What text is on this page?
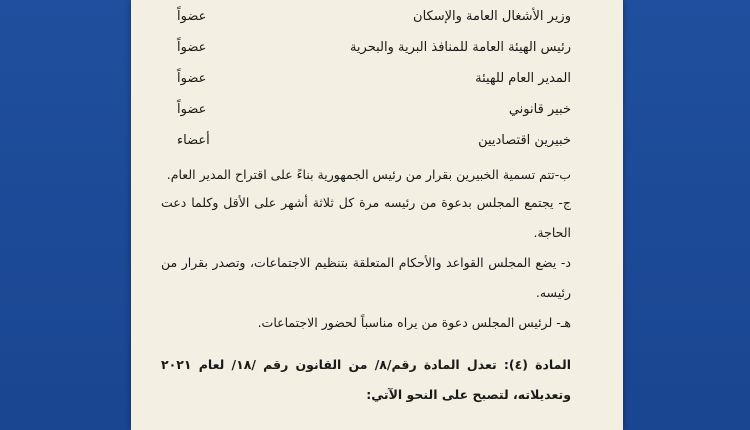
وزير الأشغال العامة والإسكان
عضواً
رئيس الهيئة العامة للمنافذ البرية والبحرية
عضواً
المدير العام للهيئة
عضواً
خبير قانوني
عضواً
خبيرين اقتصاديين
أعضاء
ب-تتم تسمية الخبيرين بقرار من رئيس الجمهورية بناءً على اقتراح المدير العام.
ج- يجتمع المجلس بدعوة من رئيسه مرة كل ثلاثة أشهر على الأقل وكلما دعت الحاجة.
د- يضع المجلس القواعد والأحكام المتعلقة بتنظيم الاجتماعات، وتصدر بقرار من رئيسه.
هـ- لرئيس المجلس دعوة من يراه مناسباً لحضور الاجتماعات.
المادة (٤): تعدل المادة رقم/٨/ من القانون رقم /١٨/ لعام ٢٠٢١ وتعديلاته، لتصبح على النحو الآتي:
